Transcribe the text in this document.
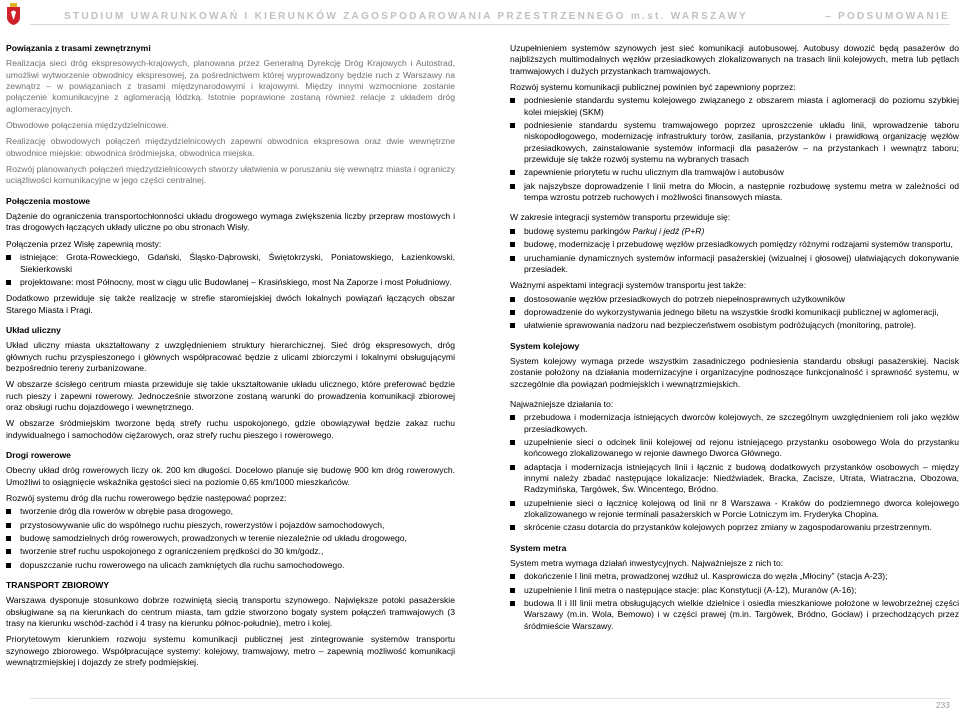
STUDIUM UWARUNKOWAŃ I KIERUNKÓW ZAGOSPODAROWANIA PRZESTRZENNEGO m.st. WARSZAWY	– PODSUMOWANIE

Powiązania z trasami zewnętrznymi

Realizacja sieci dróg ekspresowych-krajowych, planowana przez Generalną Dyrekcję Dróg Krajowych i Autostrad, umożliwi wytworzenie obwodnicy ekspresowej, za pośrednictwem której wyprowadzony będzie ruch z Warszawy na zewnątrz – w powiązaniach z trasami międzynarodowymi i krajowymi. Między innymi wzmocnione zostanie połączenie komunikacyjne z aglomeracją łódzką. Istotnie poprawione zostaną również relacje z układem dróg aglomeracyjnych.

Obwodowe połączenia międzydzielnicowe.

Realizację obwodowych połączeń międzydzielnicowych zapewni obwodnica ekspresowa oraz dwie wewnętrzne obwodnice miejskie: obwodnica śródmiejska, obwodnica miejska.

Rozwój planowanych połączeń międzydzielnicowych stworzy ułatwienia w poruszaniu się wewnątrz miasta i ograniczy uciążliwości komunikacyjne w jego części centralnej.

Połączenia mostowe

Dążenie do ograniczenia transportochłonności układu drogowego wymaga zwiększenia liczby przepraw mostowych i tras drogowych łączących układy uliczne po obu stronach Wisły.

Połączenia przez Wisłę zapewnią mosty:

istniejące: Grota-Roweckiego, Gdański, Śląsko-Dąbrowski, Świętokrzyski, Poniatowskiego, Łazienkowski, Siekierkowski
projektowane: most Północny, most w ciągu ulic Budowlanej – Krasińskiego, most Na Zaporze i most Południowy.

Dodatkowo przewiduje się także realizację w strefie staromiejskiej dwóch lokalnych powiązań łączących obszar Starego Miasta i Pragi.

Układ uliczny

Układ uliczny miasta ukształtowany z uwzględnieniem struktury hierarchicznej. Sieć dróg ekspresowych, dróg głównych ruchu przyspieszonego i głównych współpracować będzie z ulicami zbiorczymi i lokalnymi obsługującymi bezpośrednio tereny zurbanizowane.

W obszarze ścisłego centrum miasta przewiduje się takie ukształtowanie układu ulicznego, które preferować będzie ruch pieszy i zapewni rowerowy. Jednocześnie stworzone zostaną warunki do prowadzenia komunikacji zbiorowej oraz obsługi ruchu dojazdowego i wewnętrznego.

W obszarze śródmiejskim tworzone będą strefy ruchu uspokojonego, gdzie obowiązywał będzie zakaz ruchu indywidualnego i samochodów ciężarowych, oraz strefy ruchu pieszego i rowerowego.

Drogi rowerowe

Obecny układ dróg rowerowych liczy ok. 200 km długości. Docelowo planuje się budowę 900 km dróg rowerowych. Umożliwi to osiągnięcie wskaźnika gęstości sieci na poziomie 0,65 km/1000 mieszkańców.

Rozwój systemu dróg dla ruchu rowerowego będzie następować poprzez:

tworzenie dróg dla rowerów w obrębie pasa drogowego,
przystosowywanie ulic do wspólnego ruchu pieszych, rowerzystów i pojazdów samochodowych,
budowę samodzielnych dróg rowerowych, prowadzonych w terenie niezależnie od układu drogowego,
tworzenie stref ruchu uspokojonego z ograniczeniem prędkości do 30 km/godz.,
dopuszczanie ruchu rowerowego na ulicach zamkniętych dla ruchu samochodowego.

TRANSPORT ZBIOROWY

Warszawa dysponuje stosunkowo dobrze rozwiniętą siecią transportu szynowego. Największe potoki pasażerskie obsługiwane są na kierunkach do centrum miasta, tam gdzie stworzono bogaty system połączeń tramwajowych (3 trasy na kierunku wschód-zachód i 4 trasy na kierunku północ-południe), metro i kolej.

Priorytetowym kierunkiem rozwoju systemu komunikacji publicznej jest zintegrowanie systemów transportu szynowego zbiorowego. Współpracujące systemy: kolejowy, tramwajowy, metro – zapewnią możliwość komunikacji wewnątrzmiejskiej i dojazdy ze strefy podmiejskiej.

Uzupełnieniem systemów szynowych jest sieć komunikacji autobusowej. Autobusy dowozić będą pasażerów do najbliższych multimodalnych węzłów przesiadkowych zlokalizowanych na trasach linii kolejowych, metra lub pętlach tramwajowych i dużych przystankach tramwajowych.

Rozwój systemu komunikacji publicznej powinien być zapewniony poprzez:

podniesienie standardu systemu kolejowego związanego z obszarem miasta i aglomeracji do poziomu szybkiej kolei miejskiej (SKM)
podniesienie standardu systemu tramwajowego poprzez uproszczenie układu linii, wprowadzenie taboru niskopodłogowego, modernizację infrastruktury torów, zasilania, przystanków i prawidłową organizację węzłów przesiadkowych, zainstalowanie systemów informacji dla pasażerów – na przystankach i wewnątrz taboru; przewiduje się także rozwój systemu na wybranych trasach
zapewnienie priorytetu w ruchu ulicznym dla tramwajów i autobusów
jak najszybsze doprowadzenie I linii metra do Młocin, a następnie rozbudowę systemu metra w zależności od tempa wzrostu potrzeb ruchowych i możliwości finansowych miasta.

W zakresie integracji systemów transportu przewiduje się:

budowę systemu parkingów Parkuj i jedź (P+R)
budowę, modernizację i przebudowę węzłów przesiadkowych pomiędzy różnymi rodzajami systemów transportu,
uruchamianie dynamicznych systemów informacji pasażerskiej (wizualnej i głosowej) ułatwiających dokonywanie przesiadek.

Ważnymi aspektami integracji systemów transportu jest także:

dostosowanie węzłów przesiadkowych do potrzeb niepełnosprawnych użytkowników
doprowadzenie do wykorzystywania jednego biletu na wszystkie środki komunikacji publicznej w aglomeracji,
ułatwienie sprawowania nadzoru nad bezpieczeństwem osobistym podróżujących (monitoring, patrole).

System kolejowy

System kolejowy wymaga przede wszystkim zasadniczego podniesienia standardu obsługi pasażerskiej. Nacisk zostanie położony na działania modernizacyjne i organizacyjne podnoszące funkcjonalność i sprawność systemu, w szczególnie dla powiązań podmiejskich i wewnątrzmiejskich.

Najważniejsze działania to:

przebudowa i modernizacja istniejących dworców kolejowych, ze szczególnym uwzględnieniem roli jako węzłów przesiadkowych.
uzupełnienie sieci o odcinek linii kolejowej od rejonu istniejącego przystanku osobowego Wola do przystanku końcowego zlokalizowanego w rejonie dawnego Dworca Głównego.
adaptacja i modernizacja istniejących linii i łącznic z budową dodatkowych przystanków osobowych – między innymi należy zbadać następujące lokalizacje: Niedźwiadek, Bracka, Zacisze, Utrata, Wiatraczna, Obozowa, Radzymińska, Targówek, Św. Wincentego, Bródno.
uzupełnienie sieci o łącznicę kolejową od linii nr 8 Warszawa - Kraków do podziemnego dworca kolejowego zlokalizowanego w rejonie terminali pasażerskich w Porcie Lotniczym im. Fryderyka Chopina.
skrócenie czasu dotarcia do przystanków kolejowych poprzez zmiany w zagospodarowaniu przestrzennym.

System metra

System metra wymaga działań inwestycyjnych. Najważniejsze z nich to:

dokończenie I linii metra, prowadzonej wzdłuż ul. Kasprowicza do węzła „Młociny” (stacja A-23);
uzupełnienie I linii metra o następujące stacje: plac Konstytucji (A-12), Muranów (A-16);
budowa II i III linii metra obsługujących wielkie dzielnice i osiedla mieszkaniowe położone w lewobrzeżnej części Warszawy (m.in. Wola, Bemowo) i w części prawej (m.in. Targówek, Bródno, Gocław) i przechodzących przez śródmieście Warszawy.
233
